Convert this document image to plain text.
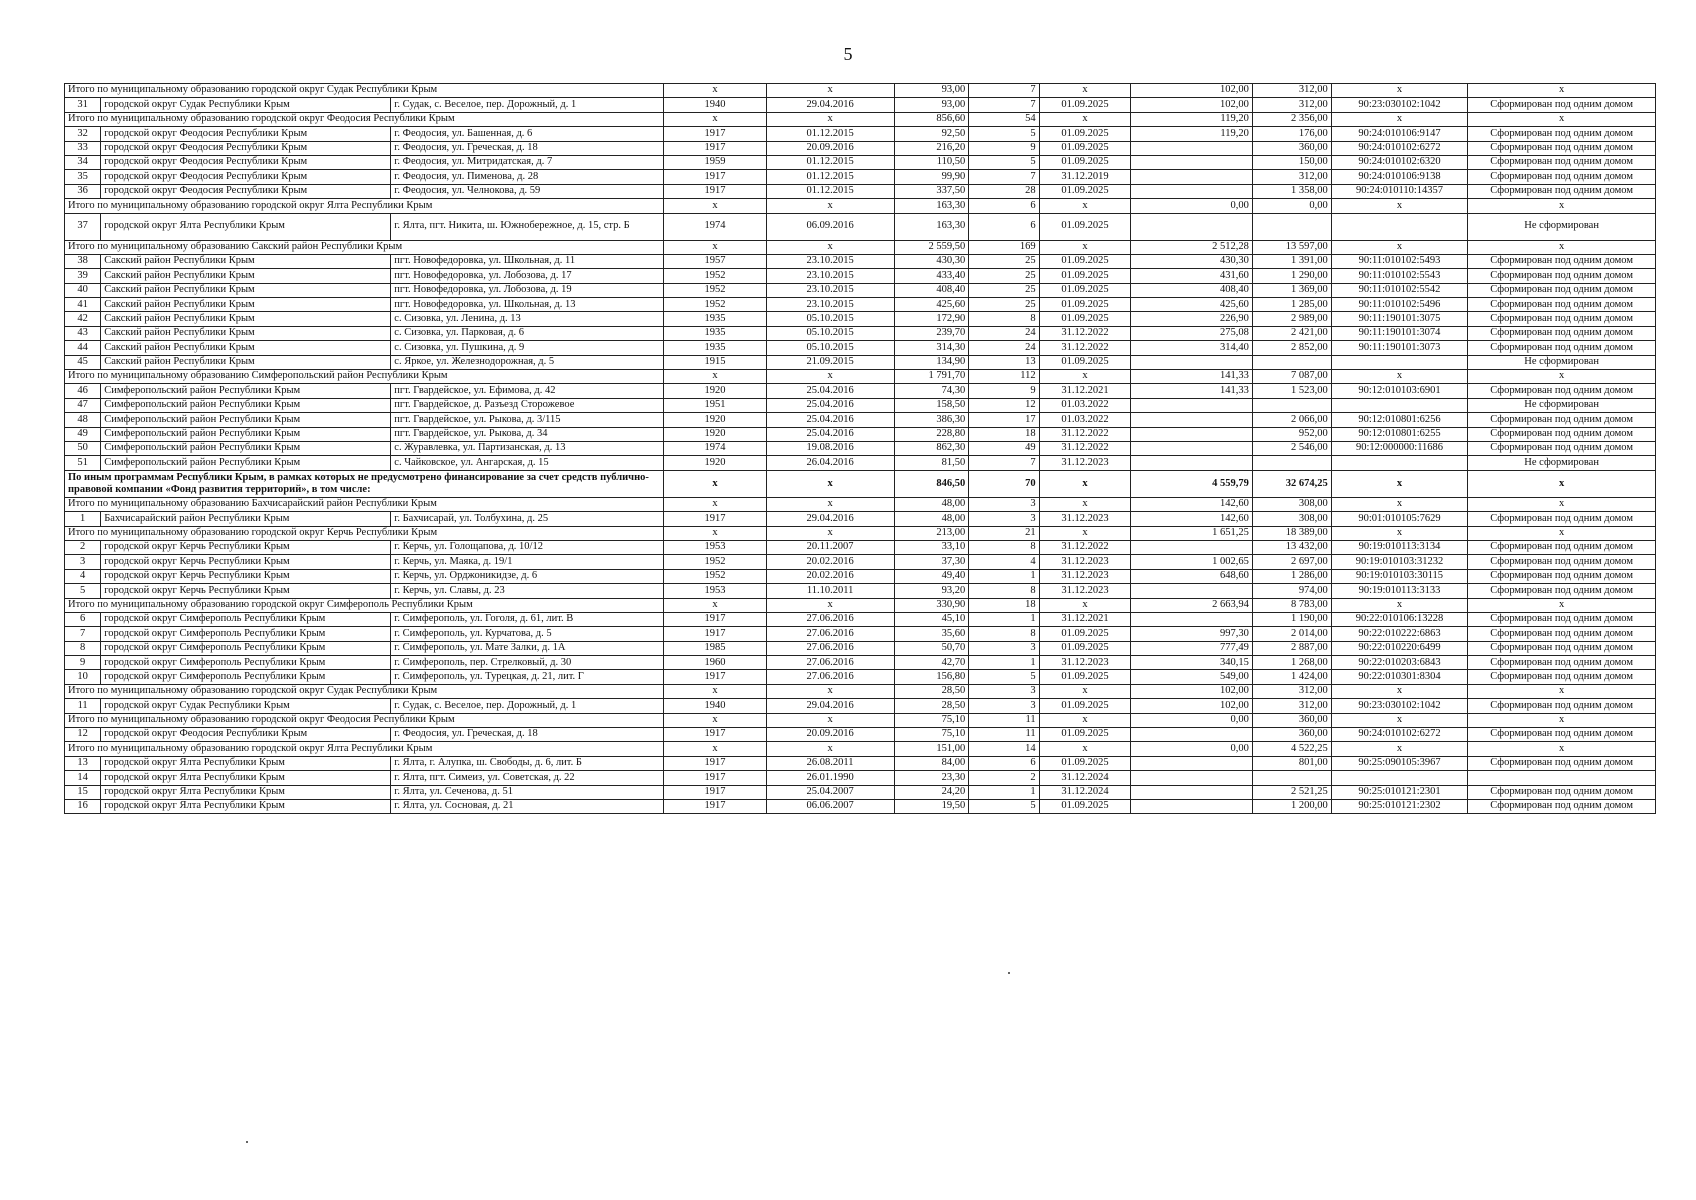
5
Итого по муниципальному образованию городской округ Судак Республики Крым			x	x	93,00	7	x	102,00	312,00	x	x
31	городской округ Судак Республики Крым	г. Судак, с. Веселое, пер. Дорожный, д. 1	1940	29.04.2016	93,00	7	01.09.2025	102,00	312,00	90:23:030102:1042	Сформирован под одним домом
Итого по муниципальному образованию городской округ Феодосия Республики Крым			x	x	856,60	54	x	119,20	2 356,00	x	x
32	городской округ Феодосия Республики Крым	г. Феодосия, ул. Башенная, д. 6	1917	01.12.2015	92,50	5	01.09.2025	119,20	176,00	90:24:010106:9147	Сформирован под одним домом
33	городской округ Феодосия Республики Крым	г. Феодосия, ул. Греческая, д. 18	1917	20.09.2016	216,20	9	01.09.2025		360,00	90:24:010102:6272	Сформирован под одним домом
34	городской округ Феодосия Республики Крым	г. Феодосия, ул. Митридатская, д. 7	1959	01.12.2015	110,50	5	01.09.2025		150,00	90:24:010102:6320	Сформирован под одним домом
35	городской округ Феодосия Республики Крым	г. Феодосия, ул. Пименова, д. 28	1917	01.12.2015	99,90	7	31.12.2019		312,00	90:24:010106:9138	Сформирован под одним домом
36	городской округ Феодосия Республики Крым	г. Феодосия, ул. Челнокова, д. 59	1917	01.12.2015	337,50	28	01.09.2025		1 358,00	90:24:010110:14357	Сформирован под одним домом
Итого по муниципальному образованию городской округ Ялта Республики Крым			x	x	163,30	6	x	0,00	0,00	x	x
37	городской округ Ялта Республики Крым	г. Ялта, пгт. Никита, ш. Южнобережное, д. 15, стр. Б	1974	06.09.2016	163,30	6	01.09.2025				Не сформирован
Итого по муниципальному образованию Сакский район Республики Крым			x	x	2 559,50	169	x	2 512,28	13 597,00	x	x
38	Сакский район Республики Крым	пгт. Новофедоровка, ул. Школьная, д. 11	1957	23.10.2015	430,30	25	01.09.2025	430,30	1 391,00	90:11:010102:5493	Сформирован под одним домом
39	Сакский район Республики Крым	пгт. Новофедоровка, ул. Лобозова, д. 17	1952	23.10.2015	433,40	25	01.09.2025	431,60	1 290,00	90:11:010102:5543	Сформирован под одним домом
40	Сакский район Республики Крым	пгт. Новофедоровка, ул. Лобозова, д. 19	1952	23.10.2015	408,40	25	01.09.2025	408,40	1 369,00	90:11:010102:5542	Сформирован под одним домом
41	Сакский район Республики Крым	пгт. Новофедоровка, ул. Школьная, д. 13	1952	23.10.2015	425,60	25	01.09.2025	425,60	1 285,00	90:11:010102:5496	Сформирован под одним домом
42	Сакский район Республики Крым	с. Сизовка, ул. Ленина, д. 13	1935	05.10.2015	172,90	8	01.09.2025	226,90	2 989,00	90:11:190101:3075	Сформирован под одним домом
43	Сакский район Республики Крым	с. Сизовка, ул. Парковая, д. 6	1935	05.10.2015	239,70	24	31.12.2022	275,08	2 421,00	90:11:190101:3074	Сформирован под одним домом
44	Сакский район Республики Крым	с. Сизовка, ул. Пушкина, д. 9	1935	05.10.2015	314,30	24	31.12.2022	314,40	2 852,00	90:11:190101:3073	Сформирован под одним домом
45	Сакский район Республики Крым	с. Яркое, ул. Железнодорожная, д. 5	1915	21.09.2015	134,90	13	01.09.2025				Не сформирован
Итого по муниципальному образованию Симферопольский район Республики Крым			x	x	1 791,70	112	x	141,33	7 087,00	x	x
46	Симферопольский район Республики Крым	пгт. Гвардейское, ул. Ефимова, д. 42	1920	25.04.2016	74,30	9	31.12.2021	141,33	1 523,00	90:12:010103:6901	Сформирован под одним домом
47	Симферопольский район Республики Крым	пгт. Гвардейское, д. Разъезд Сторожевое	1951	25.04.2016	158,50	12	01.03.2022				Не сформирован
48	Симферопольский район Республики Крым	пгт. Гвардейское, ул. Рыкова, д. 3/115	1920	25.04.2016	386,30	17	01.03.2022		2 066,00	90:12:010801:6256	Сформирован под одним домом
49	Симферопольский район Республики Крым	пгт. Гвардейское, ул. Рыкова, д. 34	1920	25.04.2016	228,80	18	31.12.2022		952,00	90:12:010801:6255	Сформирован под одним домом
50	Симферопольский район Республики Крым	с. Журавлевка, ул. Партизанская, д. 13	1974	19.08.2016	862,30	49	31.12.2022		2 546,00	90:12:000000:11686	Сформирован под одним домом
51	Симферопольский район Республики Крым	с. Чайковское, ул. Ангарская, д. 15	1920	26.04.2016	81,50	7	31.12.2023				Не сформирован
По иным программам Республики Крым, в рамках которых не предусмотрено финансирование за счет средств публично-правовой компании «Фонд развития территорий», в том числе:			x	x	846,50	70	x	4 559,79	32 674,25	x	x
Итого по муниципальному образованию Бахчисарайский район Республики Крым			x	x	48,00	3	x	142,60	308,00	x	x
1	Бахчисарайский район Республики Крым	г. Бахчисарай, ул. Толбухина, д. 25	1917	29.04.2016	48,00	3	31.12.2023	142,60	308,00	90:01:010105:7629	Сформирован под одним домом
Итого по муниципальному образованию городской округ Керчь Республики Крым			x	x	213,00	21	x	1 651,25	18 389,00	x	x
2	городской округ Керчь Республики Крым	г. Керчь, ул. Голощапова, д. 10/12	1953	20.11.2007	33,10	8	31.12.2022		13 432,00	90:19:010113:3134	Сформирован под одним домом
3	городской округ Керчь Республики Крым	г. Керчь, ул. Маяка, д. 19/1	1952	20.02.2016	37,30	4	31.12.2023	1 002,65	2 697,00	90:19:010103:31232	Сформирован под одним домом
4	городской округ Керчь Республики Крым	г. Керчь, ул. Орджоникидзе, д. 6	1952	20.02.2016	49,40	1	31.12.2023	648,60	1 286,00	90:19:010103:30115	Сформирован под одним домом
5	городской округ Керчь Республики Крым	г. Керчь, ул. Славы, д. 23	1953	11.10.2011	93,20	8	31.12.2023		974,00	90:19:010113:3133	Сформирован под одним домом
Итого по муниципальному образованию городской округ Симферополь Республики Крым			x	x	330,90	18	x	2 663,94	8 783,00	x	x
6	городской округ Симферополь Республики Крым	г. Симферополь, ул. Гоголя, д. 61, лит. В	1917	27.06.2016	45,10	1	31.12.2021		1 190,00	90:22:010106:13228	Сформирован под одним домом
7	городской округ Симферополь Республики Крым	г. Симферополь, ул. Курчатова, д. 5	1917	27.06.2016	35,60	8	01.09.2025	997,30	2 014,00	90:22:010222:6863	Сформирован под одним домом
8	городской округ Симферополь Республики Крым	г. Симферополь, ул. Мате Залки, д. 1А	1985	27.06.2016	50,70	3	01.09.2025	777,49	2 887,00	90:22:010220:6499	Сформирован под одним домом
9	городской округ Симферополь Республики Крым	г. Симферополь, пер. Стрелковый, д. 30	1960	27.06.2016	42,70	1	31.12.2023	340,15	1 268,00	90:22:010203:6843	Сформирован под одним домом
10	городской округ Симферополь Республики Крым	г. Симферополь, ул. Турецкая, д. 21, лит. Г	1917	27.06.2016	156,80	5	01.09.2025	549,00	1 424,00	90:22:010301:8304	Сформирован под одним домом
Итого по муниципальному образованию городской округ Судак Республики Крым			x	x	28,50	3	x	102,00	312,00	x	x
11	городской округ Судак Республики Крым	г. Судак, с. Веселое, пер. Дорожный, д. 1	1940	29.04.2016	28,50	3	01.09.2025	102,00	312,00	90:23:030102:1042	Сформирован под одним домом
Итого по муниципальному образованию городской округ Феодосия Республики Крым			x	x	75,10	11	x	0,00	360,00	x	x
12	городской округ Феодосия Республики Крым	г. Феодосия, ул. Греческая, д. 18	1917	20.09.2016	75,10	11	01.09.2025		360,00	90:24:010102:6272	Сформирован под одним домом
Итого по муниципальному образованию городской округ Ялта Республики Крым			x	x	151,00	14	x	0,00	4 522,25	x	x
13	городской округ Ялта Республики Крым	г. Ялта, г. Алупка, ш. Свободы, д. 6, лит. Б	1917	26.08.2011	84,00	6	01.09.2025		801,00	90:25:090105:3967	Сформирован под одним домом
14	городской округ Ялта Республики Крым	г. Ялта, пгт. Симеиз, ул. Советская, д. 22	1917	26.01.1990	23,30	2	31.12.2024				
15	городской округ Ялта Республики Крым	г. Ялта, ул. Сеченова, д. 51	1917	25.04.2007	24,20	1	31.12.2024		2 521,25	90:25:010121:2301	Сформирован под одним домом
16	городской округ Ялта Республики Крым	г. Ялта, ул. Сосновая, д. 21	1917	06.06.2007	19,50	5	01.09.2025		1 200,00	90:25:010121:2302	Сформирован под одним домом
